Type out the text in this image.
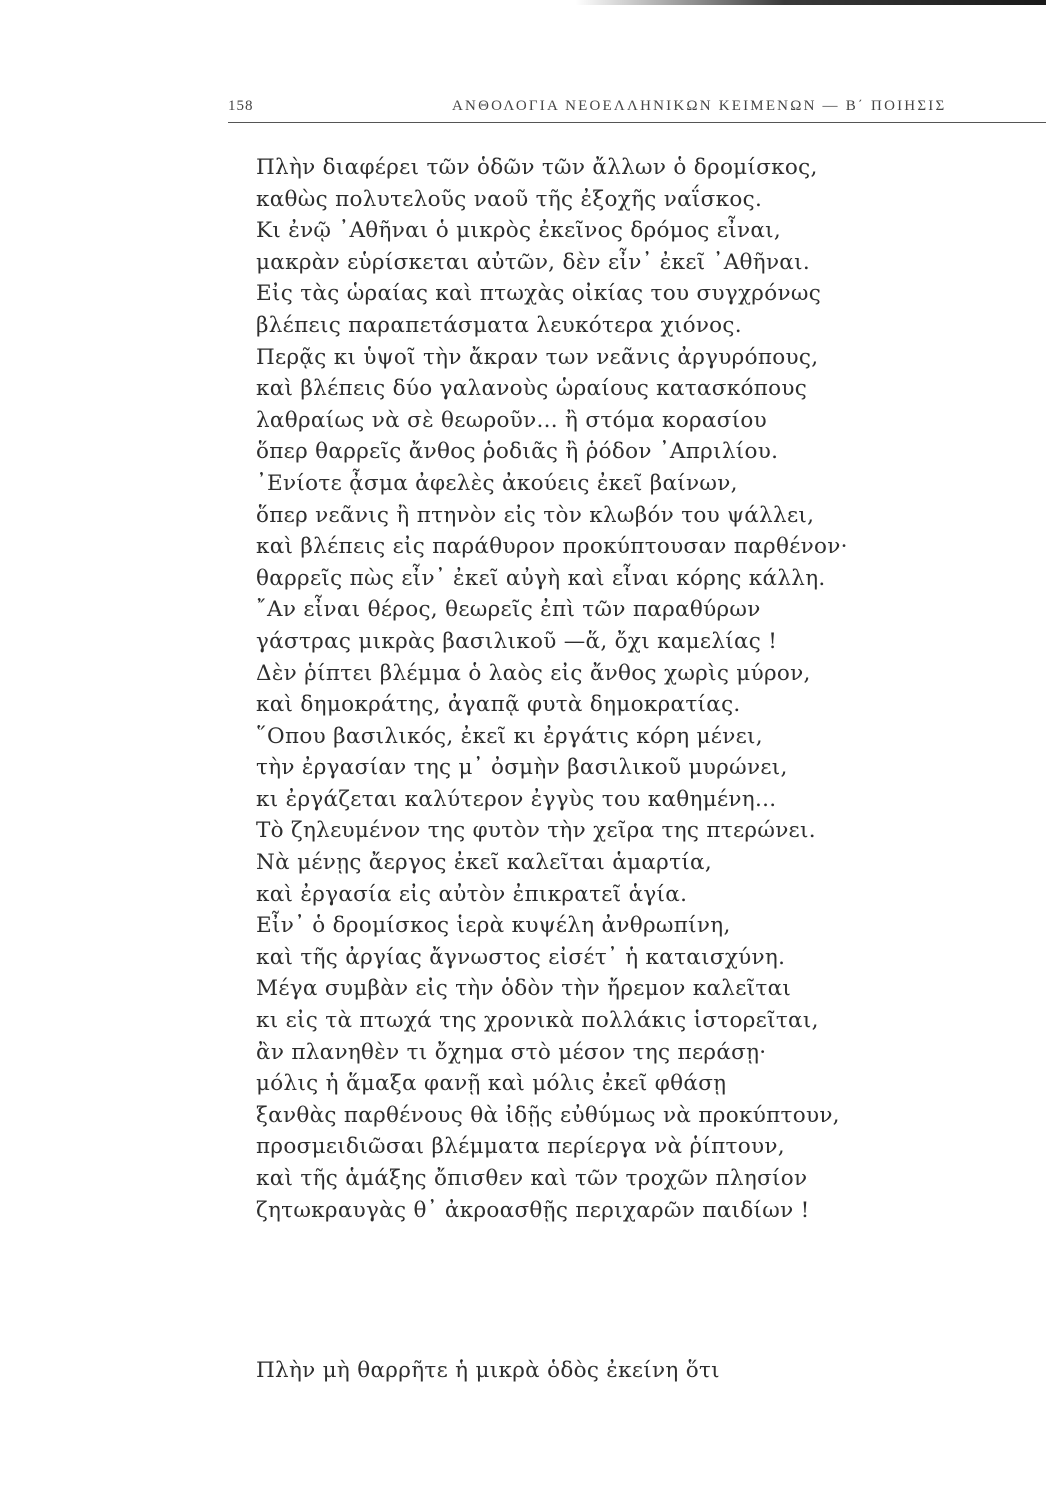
158	ΑΝΘΟΛΟΓΙΑ ΝΕΟΕΛΛΗΝΙΚΩΝ ΚΕΙΜΕΝΩΝ — Β΄ ΠΟΙΗΣΙΣ
Πλὴν διαφέρει τῶν ὁδῶν τῶν ἄλλων ὁ δρομίσκος,
καθὼς πολυτελοῦς ναοῦ τῆς ἐξοχῆς ναΐσκος.
Κι ἐνῷ ᾿Αθῆναι ὁ μικρὸς ἐκεῖνος δρόμος εἶναι,
μακρὰν εὑρίσκεται αὐτῶν, δὲν εἶν᾿ ἐκεῖ ᾿Αθῆναι.
Εἰς τὰς ὡραίας καὶ πτωχὰς οἰκίας του συγχρόνως
βλέπεις παραπετάσματα λευκότερα χιόνος.
Περᾷς κι ὑψοῖ τὴν ἄκραν των νεᾶνις ἀργυρόπους,
καὶ βλέπεις δύο γαλανοὺς ὡραίους κατασκόπους
λαθραίως νὰ σὲ θεωροῦν... ἢ στόμα κορασίου
ὅπερ θαρρεῖς ἄνθος ῥοδιᾶς ἢ ῥόδον ᾿Απριλίου.
᾿Ενίοτε ᾆσμα ἀφελὲς ἀκούεις ἐκεῖ βαίνων,
ὅπερ νεᾶνις ἢ πτηνὸν εἰς τὸν κλωβόν του ψάλλει,
καὶ βλέπεις εἰς παράθυρον προκύπτουσαν παρθένον·
θαρρεῖς πὼς εἶν᾿ ἐκεῖ αὐγὴ καὶ εἶναι κόρης κάλλη.
῎Αν εἶναι θέρος, θεωρεῖς ἐπὶ τῶν παραθύρων
γάστρας μικρὰς βασιλικοῦ —ἅ, ὄχι καμελίας !
Δὲν ῥίπτει βλέμμα ὁ λαὸς εἰς ἄνθος χωρὶς μύρον,
καὶ δημοκράτης, ἀγαπᾷ φυτὰ δημοκρατίας.
῞Οπου βασιλικός, ἐκεῖ κι ἐργάτις κόρη μένει,
τὴν ἐργασίαν της μ᾿ ὀσμὴν βασιλικοῦ μυρώνει,
κι ἐργάζεται καλύτερον ἐγγὺς του καθημένη...
Τὸ ζηλευμένον της φυτὸν τὴν χεῖρα της πτερώνει.
Νὰ μένῃς ἄεργος ἐκεῖ καλεῖται ἁμαρτία,
καὶ ἐργασία εἰς αὐτὸν ἐπικρατεῖ ἁγία.
Εἶν᾿ ὁ δρομίσκος ἱερὰ κυψέλη ἀνθρωπίνη,
καὶ τῆς ἀργίας ἄγνωστος εἰσέτ᾿ ἡ καταισχύνη.
Μέγα συμβὰν εἰς τὴν ὁδὸν τὴν ἤρεμον καλεῖται
κι εἰς τὰ πτωχά της χρονικὰ πολλάκις ἱστορεῖται,
ἂν πλανηθὲν τι ὄχημα στὸ μέσον της περάσῃ·
μόλις ἡ ἅμαξα φανῇ καὶ μόλις ἐκεῖ φθάσῃ
ξανθὰς παρθένους θὰ ἰδῇς εὐθύμως νὰ προκύπτουν,
προσμειδιῶσαι βλέμματα περίεργα νὰ ῥίπτουν,
καὶ τῆς ἁμάξης ὄπισθεν καὶ τῶν τροχῶν πλησίον
ζητωκραυγὰς θ᾿ ἀκροασθῇς περιχαρῶν παιδίων !
Πλὴν μὴ θαρρῆτε ἡ μικρὰ ὁδὸς ἐκείνη ὅτι
